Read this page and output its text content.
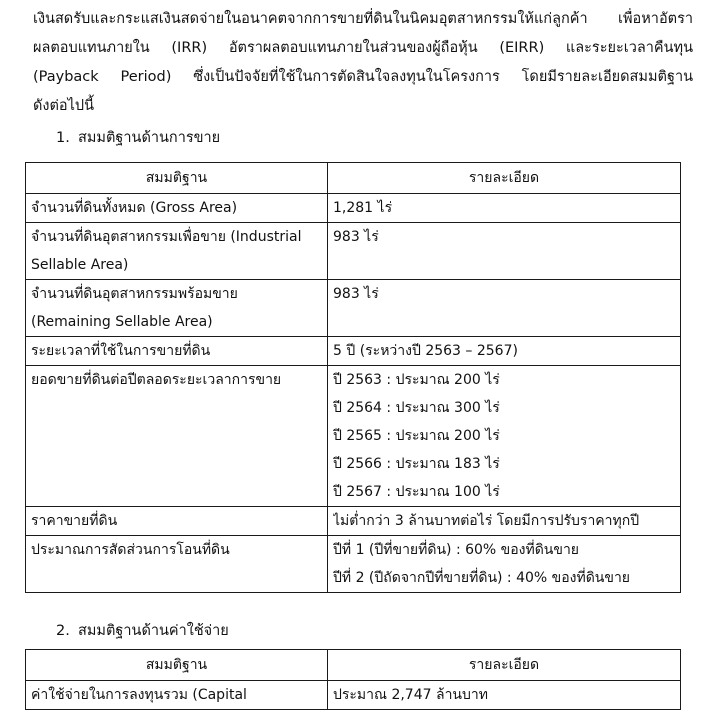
เงินสดรับและกระแสเงินสดจ่ายในอนาคตจากการขายที่ดินในนิคมอุตสาหกรรมให้แก่ลูกค้า เพื่อหาอัตรา
ผลตอบแทนภายใน (IRR) อัตราผลตอบแทนภายในส่วนของผู้ถือหุ้น (EIRR) และระยะเวลาคืนทุน
(Payback Period) ซึ่งเป็นปัจจัยที่ใช้ในการตัดสินใจลงทุนในโครงการ โดยมีรายละเอียดสมมติฐาน
ดังต่อไปนี้
1. สมมติฐานด้านการขาย
สมมติฐาน	รายละเอียด

จำนวนที่ดินทั้งหมด (Gross Area)	1,281 ไร่

จำนวนที่ดินอุตสาหกรรมเพื่อขาย (Industrial
Sellable Area)	983 ไร่

จำนวนที่ดินอุตสาหกรรมพร้อมขาย
(Remaining Sellable Area)	983 ไร่

ระยะเวลาที่ใช้ในการขายที่ดิน	5 ปี (ระหว่างปี 2563 – 2567)

ยอดขายที่ดินต่อปีตลอดระยะเวลาการขาย	ปี 2563 : ประมาณ 200 ไร่
ปี 2564 : ประมาณ 300 ไร่
ปี 2565 : ประมาณ 200 ไร่
ปี 2566 : ประมาณ 183 ไร่
ปี 2567 : ประมาณ 100 ไร่

ราคาขายที่ดิน	ไม่ต่ำกว่า 3 ล้านบาทต่อไร่ โดยมีการปรับราคาทุกปี

ประมาณการสัดส่วนการโอนที่ดิน	ปีที่ 1 (ปีที่ขายที่ดิน) : 60% ของที่ดินขาย
ปีที่ 2 (ปีถัดจากปีที่ขายที่ดิน) : 40% ของที่ดินขาย
2. สมมติฐานด้านค่าใช้จ่าย
สมมติฐาน	รายละเอียด

ค่าใช้จ่ายในการลงทุนรวม (Capital	ประมาณ 2,747 ล้านบาท
